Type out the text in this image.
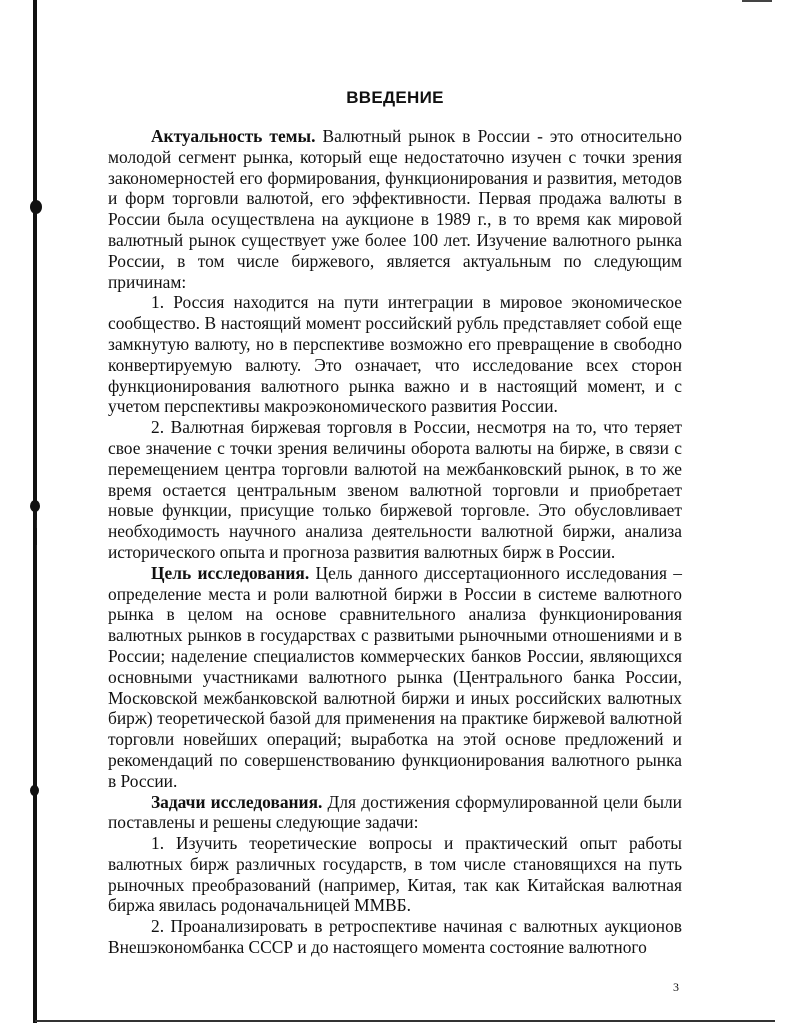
ВВЕДЕНИЕ

Актуальность темы. Валютный рынок в России - это относительно молодой сегмент рынка, который еще недостаточно изучен с точки зрения закономерностей его формирования, функционирования и развития, методов и форм торговли валютой, его эффективности. Первая продажа валюты в России была осуществлена на аукционе в 1989 г., в то время как мировой валютный рынок существует уже более 100 лет. Изучение валютного рынка России, в том числе биржевого, является актуальным по следующим причинам:

1. Россия находится на пути интеграции в мировое экономическое сообщество. В настоящий момент российский рубль представляет собой еще замкнутую валюту, но в перспективе возможно его превращение в свободно конвертируемую валюту. Это означает, что исследование всех сторон функционирования валютного рынка важно и в настоящий момент, и с учетом перспективы макроэкономического развития России.

2. Валютная биржевая торговля в России, несмотря на то, что теряет свое значение с точки зрения величины оборота валюты на бирже, в связи с перемещением центра торговли валютой на межбанковский рынок, в то же время остается центральным звеном валютной торговли и приобретает новые функции, присущие только биржевой торговле. Это обусловливает необходимость научного анализа деятельности валютной биржи, анализа исторического опыта и прогноза развития валютных бирж в России.

Цель исследования. Цель данного диссертационного исследования – определение места и роли валютной биржи в России в системе валютного рынка в целом на основе сравнительного анализа функционирования валютных рынков в государствах с развитыми рыночными отношениями и в России; наделение специалистов коммерческих банков России, являющихся основными участниками валютного рынка (Центрального банка России, Московской межбанковской валютной биржи и иных российских валютных бирж) теоретической базой для применения на практике биржевой валютной торговли новейших операций; выработка на этой основе предложений и рекомендаций по совершенствованию функционирования валютного рынка в России.

Задачи исследования. Для достижения сформулированной цели были поставлены и решены следующие задачи:

1. Изучить теоретические вопросы и практический опыт работы валютных бирж различных государств, в том числе становящихся на путь рыночных преобразований (например, Китая, так как Китайская валютная биржа явилась родоначальницей ММВБ.

2. Проанализировать в ретроспективе начиная с валютных аукционов Внешэкономбанка СССР и до настоящего момента состояние валютного

3
